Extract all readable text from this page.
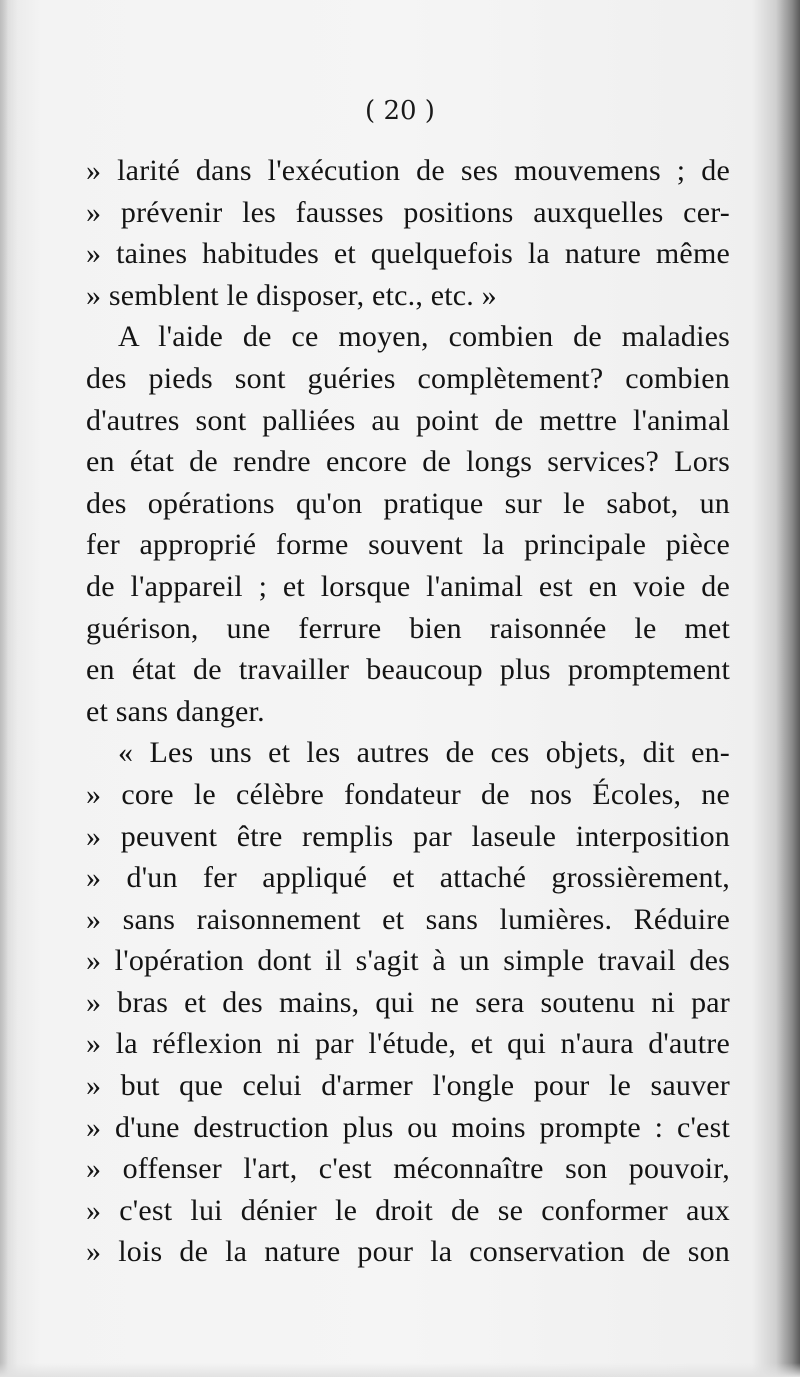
( 20 )
» larité dans l'exécution de ses mouvemens ; de
» prévenir les fausses positions auxquelles cer-
» taines habitudes et quelquefois la nature même
» semblent le disposer, etc., etc. »
A l'aide de ce moyen, combien de maladies
des pieds sont guéries complètement? combien
d'autres sont palliées au point de mettre l'animal
en état de rendre encore de longs services? Lors
des opérations qu'on pratique sur le sabot, un
fer approprié forme souvent la principale pièce
de l'appareil ; et lorsque l'animal est en voie de
guérison, une ferrure bien raisonnée le met
en état de travailler beaucoup plus promptement
et sans danger.
« Les uns et les autres de ces objets, dit en-
» core le célèbre fondateur de nos Écoles, ne
» peuvent être remplis par laseule interposition
» d'un fer appliqué et attaché grossièrement,
» sans raisonnement et sans lumières. Réduire
» l'opération dont il s'agit à un simple travail des
» bras et des mains, qui ne sera soutenu ni par
» la réflexion ni par l'étude, et qui n'aura d'autre
» but que celui d'armer l'ongle pour le sauver
» d'une destruction plus ou moins prompte : c'est
» offenser l'art, c'est méconnaître son pouvoir,
» c'est lui dénier le droit de se conformer aux
» lois de la nature pour la conservation de son
